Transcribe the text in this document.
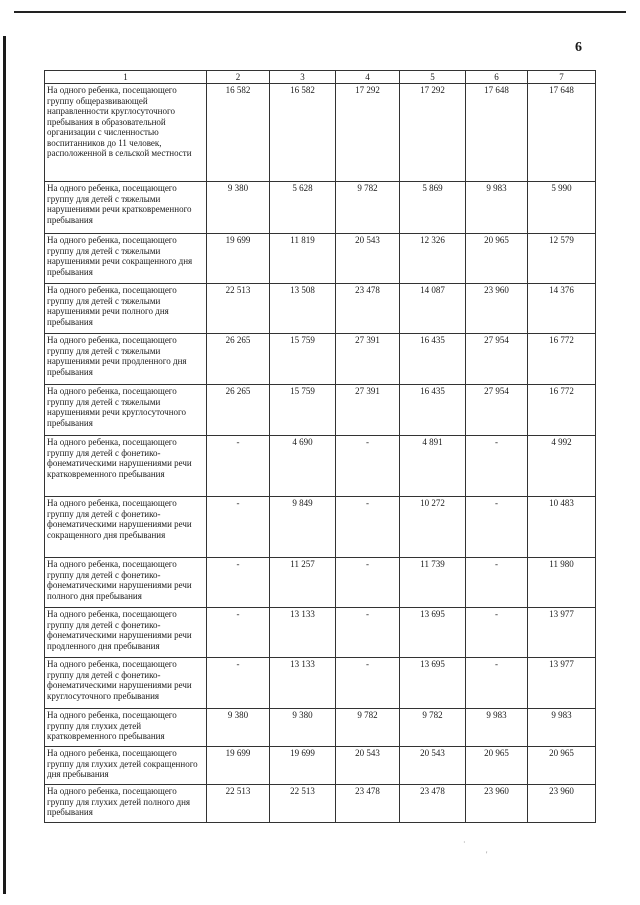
6
1	2	3	4	5	6	7
На одного ребенка, посещающего группу общеразвивающей направленности круглосуточного пребывания в образовательной организации с численностью воспитанников до 11 человек, расположенной в сельской местности	16 582	16 582	17 292	17 292	17 648	17 648
На одного ребенка, посещающего группу для детей с тяжелыми нарушениями речи кратковременного пребывания	9 380	5 628	9 782	5 869	9 983	5 990
На одного ребенка, посещающего группу для детей с тяжелыми нарушениями речи сокращенного дня пребывания	19 699	11 819	20 543	12 326	20 965	12 579
На одного ребенка, посещающего группу для детей с тяжелыми нарушениями речи полного дня пребывания	22 513	13 508	23 478	14 087	23 960	14 376
На одного ребенка, посещающего группу для детей с тяжелыми нарушениями речи продленного дня пребывания	26 265	15 759	27 391	16 435	27 954	16 772
На одного ребенка, посещающего группу для детей с тяжелыми нарушениями речи круглосуточного пребывания	26 265	15 759	27 391	16 435	27 954	16 772
На одного ребенка, посещающего группу для детей с фонетико-фонематическими нарушениями речи кратковременного пребывания	-	4 690	-	4 891	-	4 992
На одного ребенка, посещающего группу для детей с фонетико-фонематическими нарушениями речи сокращенного дня пребывания	-	9 849	-	10 272	-	10 483
На одного ребенка, посещающего группу для детей с фонетико-фонематическими нарушениями речи полного дня пребывания	-	11 257	-	11 739	-	11 980
На одного ребенка, посещающего группу для детей с фонетико-фонематическими нарушениями речи продленного дня пребывания	-	13 133	-	13 695	-	13 977
На одного ребенка, посещающего группу для детей с фонетико-фонематическими нарушениями речи круглосуточного пребывания	-	13 133	-	13 695	-	13 977
На одного ребенка, посещающего группу для глухих детей кратковременного пребывания	9 380	9 380	9 782	9 782	9 983	9 983
На одного ребенка, посещающего группу для глухих детей сокращенного дня пребывания	19 699	19 699	20 543	20 543	20 965	20 965
На одного ребенка, посещающего группу для глухих детей полного дня пребывания	22 513	22 513	23 478	23 478	23 960	23 960
·
'
